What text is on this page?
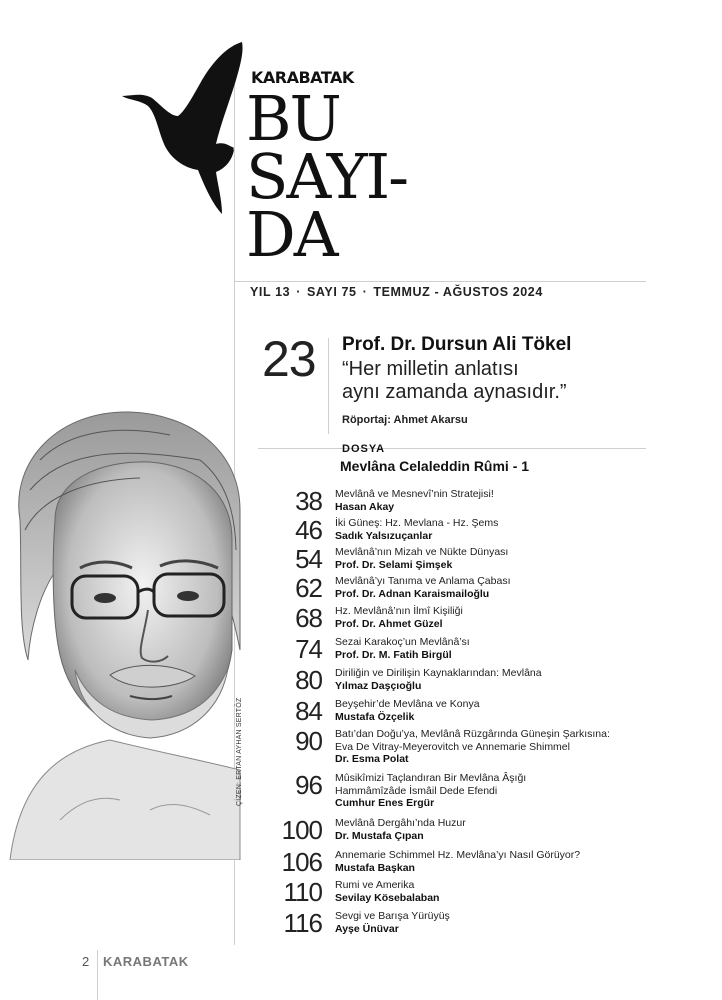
KARABATAK
BU
SAYI-
DA
YIL 13 · SAYI 75 · TEMMUZ - AĞUSTOS 2024
23 Prof. Dr. Dursun Ali Tökel
“Her milletin anlatısı
aynı zamanda aynasıdır.”
Röportaj: Ahmet Akarsu
DOSYA
Mevlâna Celaleddin Rûmi - 1
38 Mevlânâ ve Mesnevî’nin Stratejisi!
Hasan Akay
46 İki Güneş: Hz. Mevlana - Hz. Şems
Sadık Yalsızuçanlar
54 Mevlânâ’nın Mizah ve Nükte Dünyası
Prof. Dr. Selami Şimşek
62 Mevlânâ’yı Tanıma ve Anlama Çabası
Prof. Dr. Adnan Karaismailoğlu
68 Hz. Mevlânâ’nın İlmî Kişiliği
Prof. Dr. Ahmet Güzel
74 Sezai Karakoç’un Mevlânâ’sı
Prof. Dr. M. Fatih Birgül
80 Diriliğin ve Dirilişin Kaynaklarından: Mevlâna
Yılmaz Daşçıoğlu
84 Beyşehir’de Mevlâna ve Konya
Mustafa Özçelik
90 Batı’dan Doğu’ya, Mevlânâ Rüzgârında Güneşin Şarkısına:
Eva De Vitray-Meyerovitch ve Annemarie Shimmel
Dr. Esma Polat
96 Mûsikîmizi Taçlandıran Bir Mevlâna Âşığı
Hammâmîzâde İsmâil Dede Efendi
Cumhur Enes Ergür
100 Mevlânâ Dergâhı’nda Huzur
Dr. Mustafa Çıpan
106 Annemarie Schimmel Hz. Mevlâna’yı Nasıl Görüyor?
Mustafa Başkan
110 Rumi ve Amerika
Sevilay Kösebalaban
116 Sevgi ve Barışa Yürüyüş
Ayşe Ünüvar
ÇİZEN: ERTAN AYHAN SERTÖZ
2 KARABATAK
